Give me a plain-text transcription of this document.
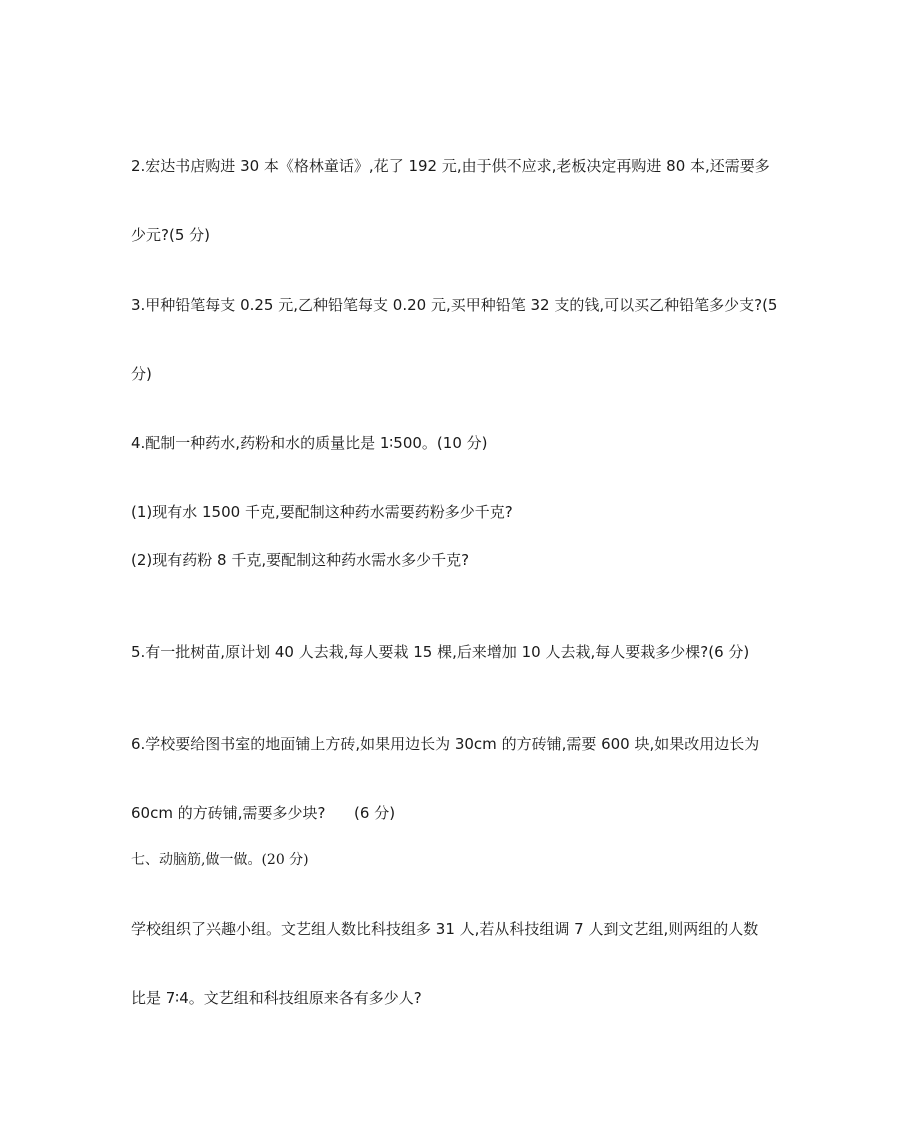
2.宏达书店购进 30 本《格林童话》,花了 192 元,由于供不应求,老板决定再购进 80 本,还需要多

少元?(5 分)

3.甲种铅笔每支 0.25 元,乙种铅笔每支 0.20 元,买甲种铅笔 32 支的钱,可以买乙种铅笔多少支?(5

分)

4.配制一种药水,药粉和水的质量比是 1∶500。(10 分)

(1)现有水 1500 千克,要配制这种药水需要药粉多少千克?

(2)现有药粉 8 千克,要配制这种药水需水多少千克?

5.有一批树苗,原计划 40 人去栽,每人要栽 15 棵,后来增加 10 人去栽,每人要栽多少棵?(6 分)

6.学校要给图书室的地面铺上方砖,如果用边长为 30cm 的方砖铺,需要 600 块,如果改用边长为

60cm 的方砖铺,需要多少块?      (6 分)

七、动脑筋,做一做。(20 分)

学校组织了兴趣小组。文艺组人数比科技组多 31 人,若从科技组调 7 人到文艺组,则两组的人数

比是 7∶4。文艺组和科技组原来各有多少人?
